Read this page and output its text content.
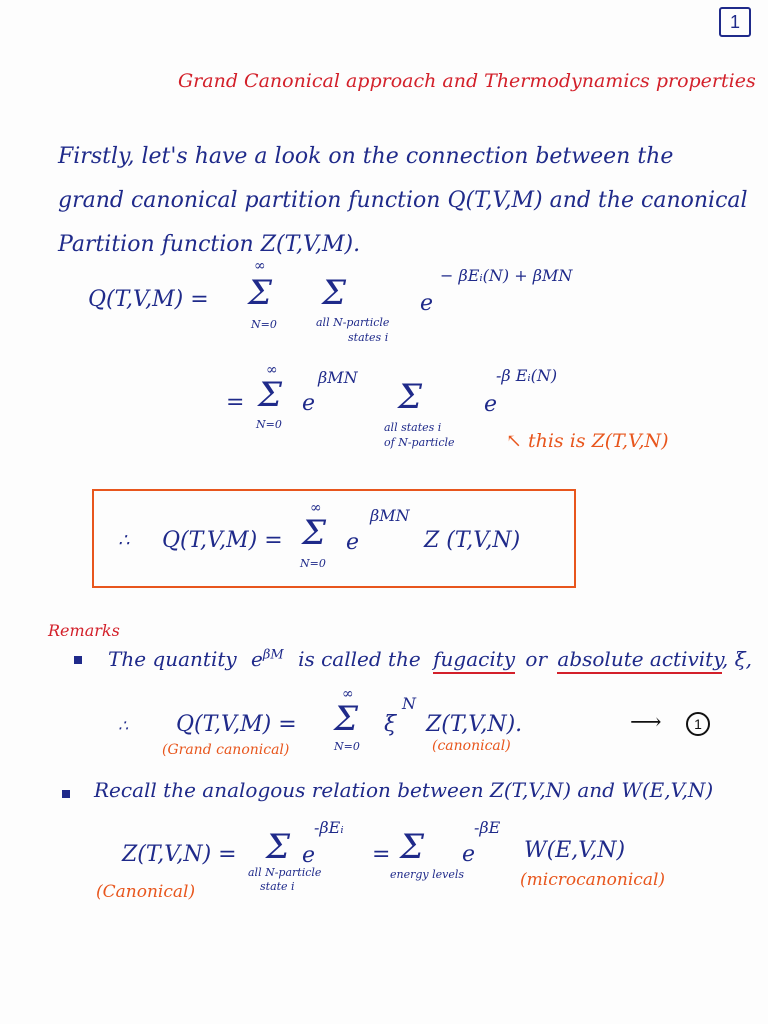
1
Grand Canonical approach and Thermodynamics properties
Firstly, let's have a look on the connection between the
grand canonical partition function Q(T,V,M) and the canonical
Partition function Z(T,V,M).
Q(T,V,M) =
∞
Σ
N=0
Σ
all N-particle
states i
e
− βEᵢ(N) + βMN
=
∞
Σ
N=0
e
βMN Σ
all states i
of N-particle
e
-β Eᵢ(N)
↖ this is Z(T,V,N)
∴ Q(T,V,M) =
∞
Σ
N=0
e
βMN
Z (T,V,N)
Remarks
The quantity $e^{\beta M}$ is called the fugacity or absolute activity, ξ,
∴ Q(T,V,M) =
∞
Σ
N=0
ξ
N
Z(T,V,N).
(Grand canonical)	(canonical)
⟶	1
Recall the analogous relation between Z(T,V,N) and W(E,V,N)
Z(T,V,N) = Σ
all N-particle
state i
e
-βEᵢ
= Σ
energy levels
e
-βE
W(E,V,N)
(Canonical)
(microcanonical)
